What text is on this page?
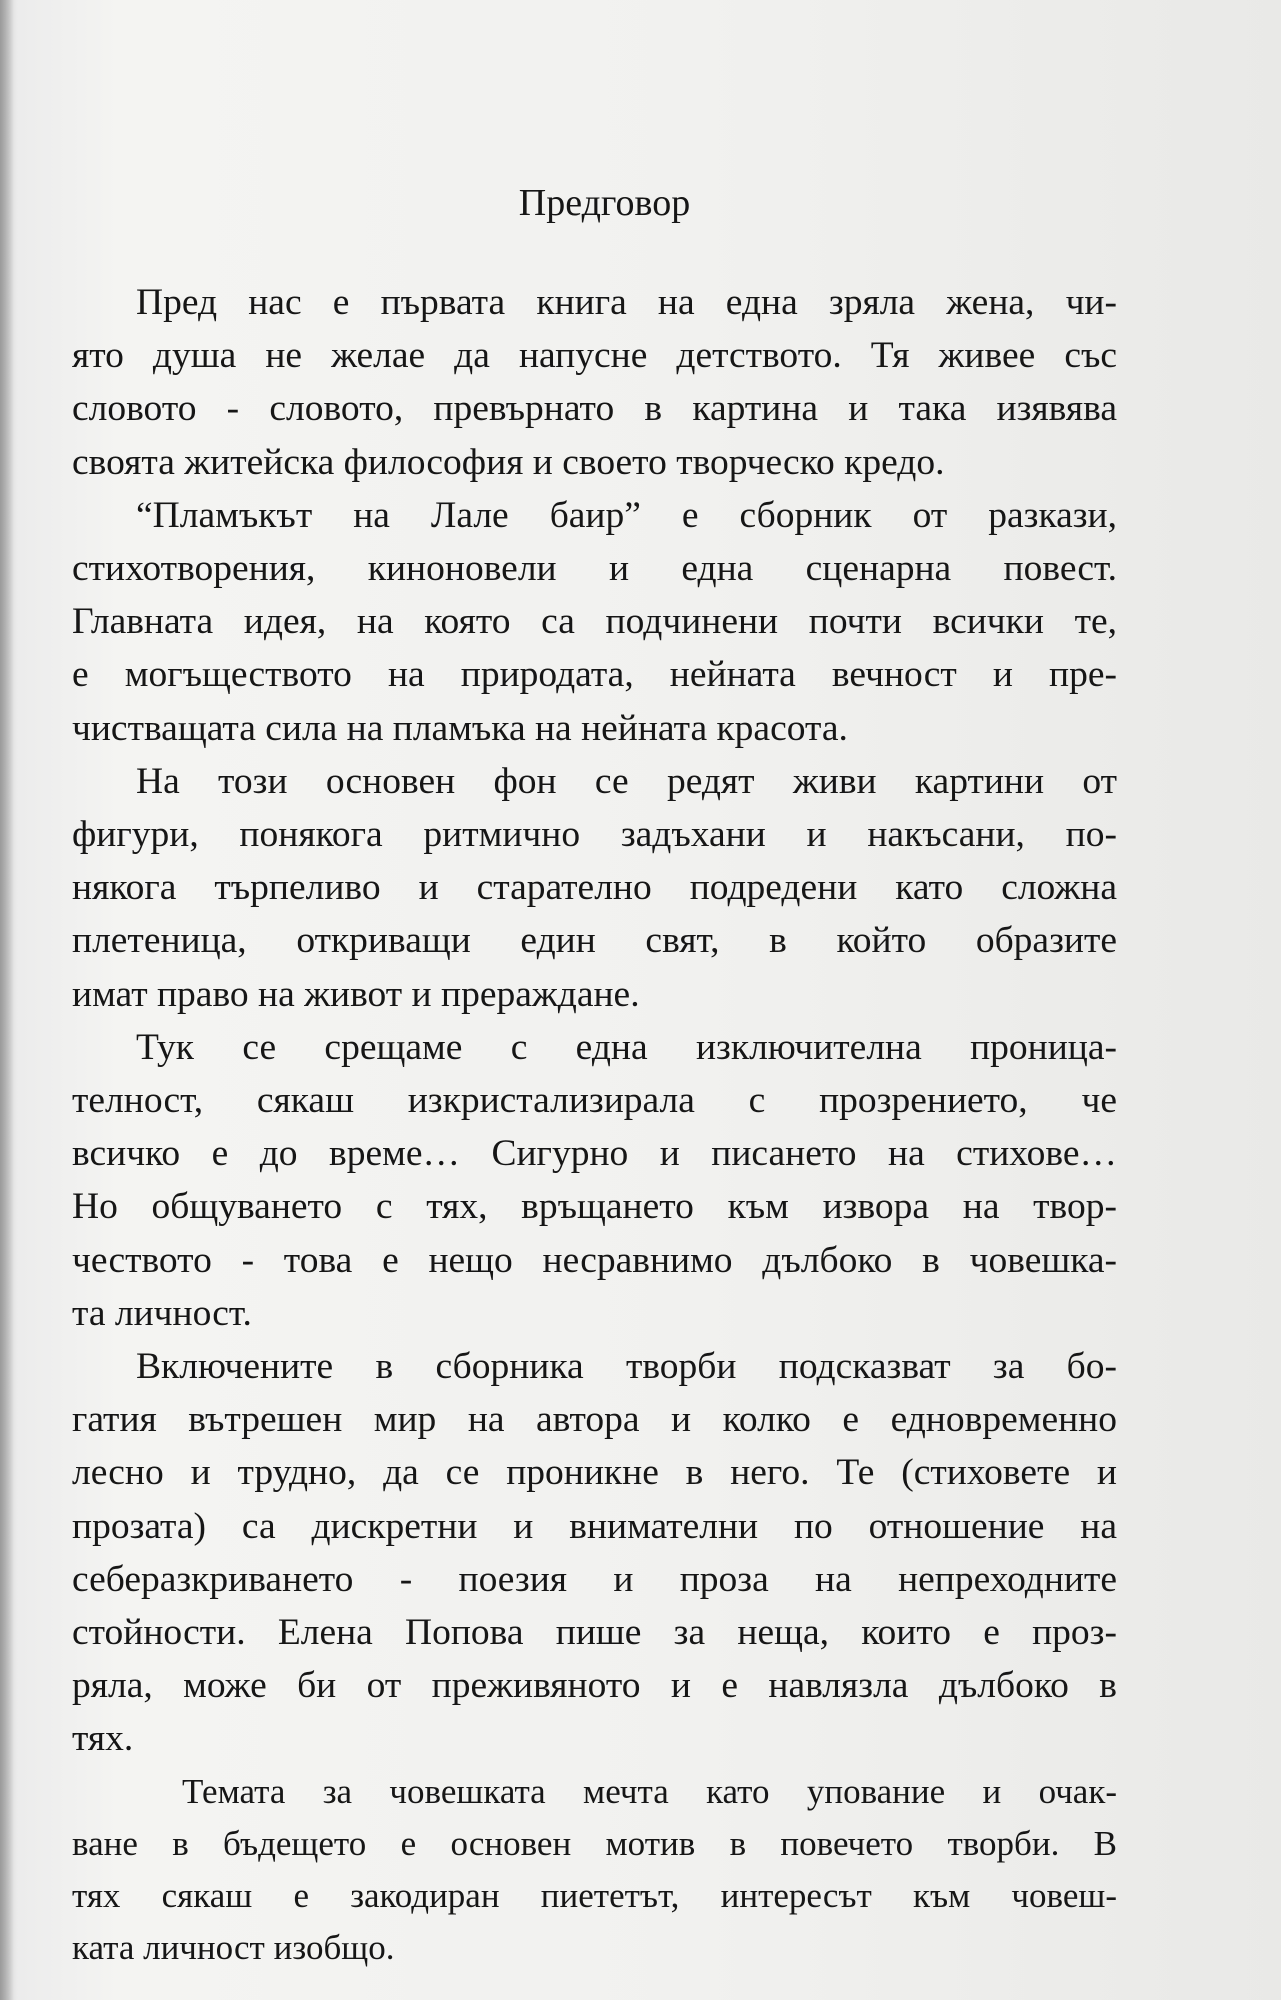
Предговор
Пред нас е първата книга на една зряла жена, чи-
ято душа не желае да напусне детството. Тя живее със
словото - словото, превърнато в картина и така изявява
своята житейска философия и своето творческо кредо.
“Пламъкът на Лале баир” е сборник от разкази,
стихотворения, киноновели и една сценарна повест.
Главната идея, на която са подчинени почти всички те,
е могъществото на природата, нейната вечност и пре-
чистващата сила на пламъка на нейната красота.
На този основен фон се редят живи картини от
фигури, понякога ритмично задъхани и накъсани, по-
някога търпеливо и старателно подредени като сложна
плетеница, откриващи един свят, в който образите
имат право на живот и прераждане.
Тук се срещаме с една изключителна проница-
телност, сякаш изкристализирала с прозрението, че
всичко е до време… Сигурно и писането на стихове…
Но общуването с тях, връщането към извора на твор-
чеството - това е нещо несравнимо дълбоко в човешка-
та личност.
Включените в сборника творби подсказват за бо-
гатия вътрешен мир на автора и колко е едновременно
лесно и трудно, да се проникне в него. Те (стиховете и
прозата) са дискретни и внимателни по отношение на
себеразкриването - поезия и проза на непреходните
стойности. Елена Попова пише за неща, които е проз-
ряла, може би от преживяното и е навлязла дълбоко в
тях.
Темата за човешката мечта като упование и очак-
ване в бъдещето е основен мотив в повечето творби. В
тях сякаш е закодиран пиететът, интересът към човеш-
ката личност изобщо.
